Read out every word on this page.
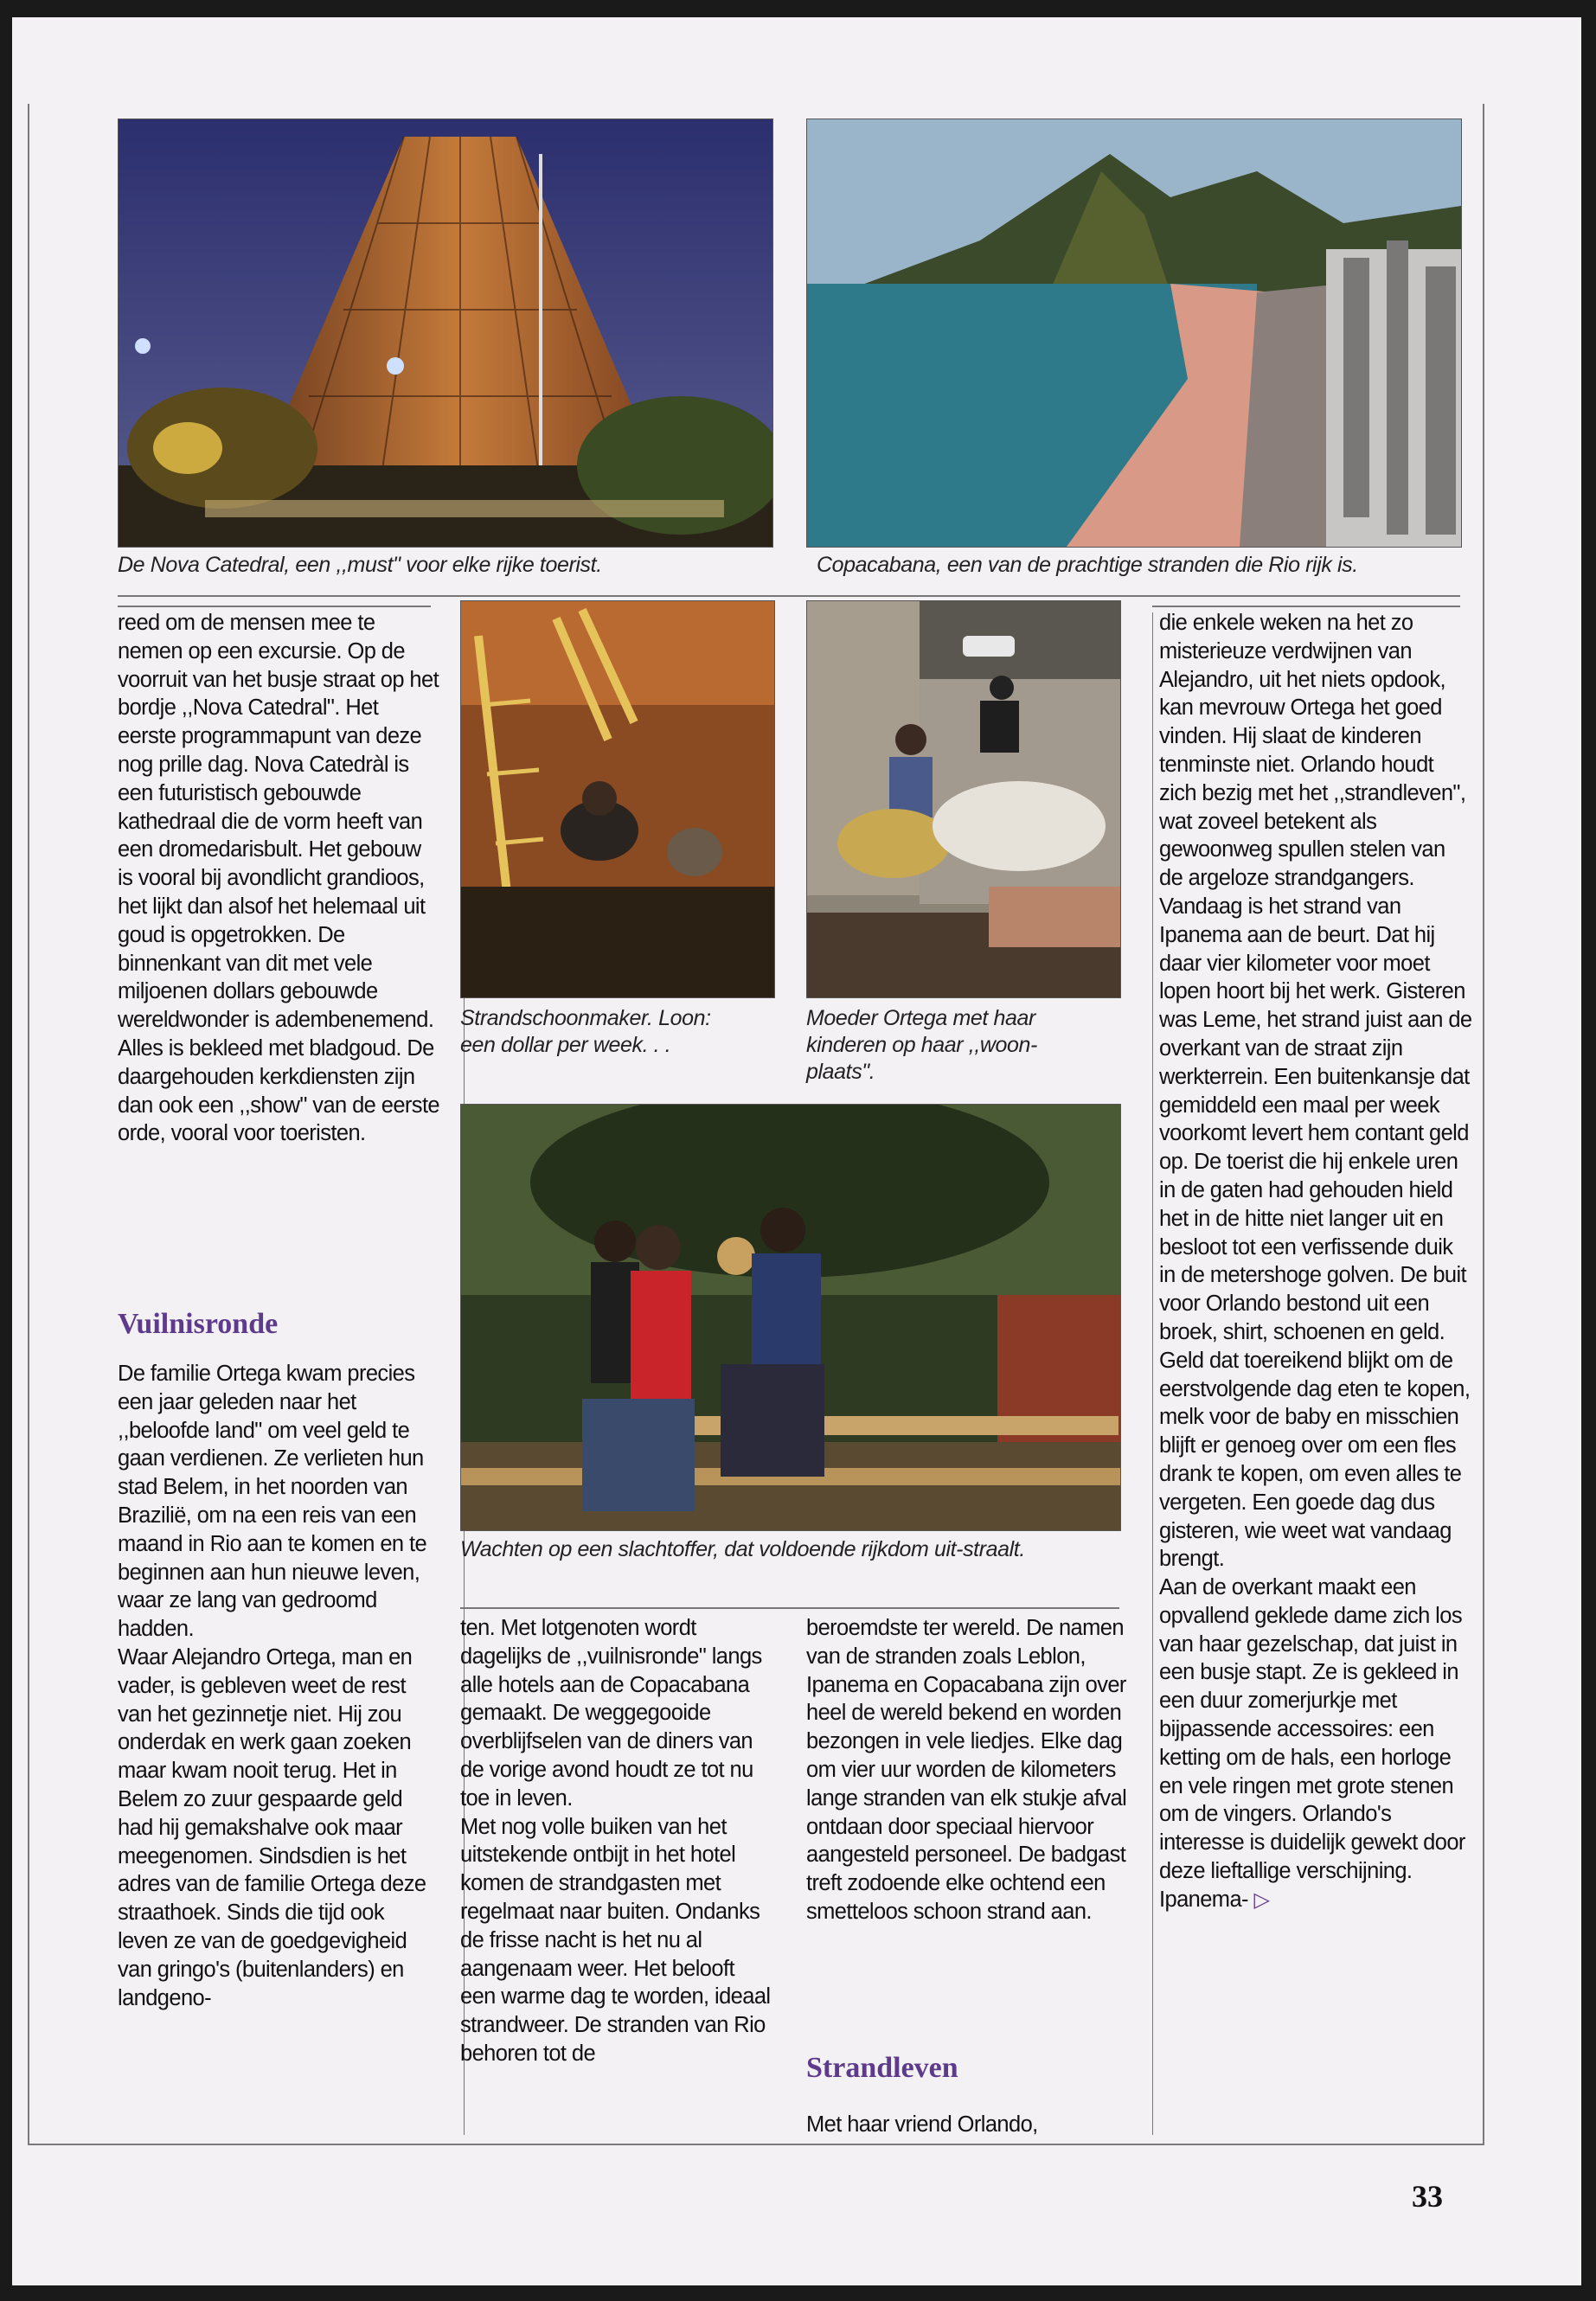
De Nova Catedral, een ,,must" voor elke rijke toerist.	Copacabana, een van de prachtige stranden die Rio rijk is.
Strandschoonmaker. Loon: een dollar per week. . .
Moeder Ortega met haar kinderen op haar ,,woon-plaats".
Wachten op een slachtoffer, dat voldoende rijkdom uit-straalt.

reed om de mensen mee te nemen op een excursie. Op de voorruit van het busje straat op het bordje ,,Nova Catedral". Het eerste programmapunt van deze nog prille dag. Nova Catedràl is een futuristisch gebouwde kathedraal die de vorm heeft van een dromedarisbult. Het gebouw is vooral bij avondlicht grandioos, het lijkt dan alsof het helemaal uit goud is opgetrokken. De binnenkant van dit met vele miljoenen dollars gebouwde wereldwonder is adembenemend. Alles is bekleed met bladgoud. De daargehouden kerkdiensten zijn dan ook een ,,show" van de eerste orde, vooral voor toeristen.

Vuilnisronde

De familie Ortega kwam precies een jaar geleden naar het ,,beloofde land" om veel geld te gaan verdienen. Ze verlieten hun stad Belem, in het noorden van Brazilië, om na een reis van een maand in Rio aan te komen en te beginnen aan hun nieuwe leven, waar ze lang van gedroomd hadden.

Waar Alejandro Ortega, man en vader, is gebleven weet de rest van het gezinnetje niet. Hij zou onderdak en werk gaan zoeken maar kwam nooit terug. Het in Belem zo zuur gespaarde geld had hij gemakshalve ook maar meegenomen. Sindsdien is het adres van de familie Ortega deze straathoek. Sinds die tijd ook leven ze van de goedgevigheid van gringo's (buitenlanders) en landgeno-

ten. Met lotgenoten wordt dagelijks de ,,vuilnisronde" langs alle hotels aan de Copacabana gemaakt. De weggegooide overblijfselen van de diners van de vorige avond houdt ze tot nu toe in leven.

Met nog volle buiken van het uitstekende ontbijt in het hotel komen de strandgasten met regelmaat naar buiten. Ondanks de frisse nacht is het nu al aangenaam weer. Het belooft een warme dag te worden, ideaal strandweer. De stranden van Rio behoren tot de

beroemdste ter wereld. De namen van de stranden zoals Leblon, Ipanema en Copacabana zijn over heel de wereld bekend en worden bezongen in vele liedjes. Elke dag om vier uur worden de kilometers lange stranden van elk stukje afval ontdaan door speciaal hiervoor aangesteld personeel. De badgast treft zodoende elke ochtend een smetteloos schoon strand aan.

Strandleven

Met haar vriend Orlando,

die enkele weken na het zo misterieuze verdwijnen van Alejandro, uit het niets opdook, kan mevrouw Ortega het goed vinden. Hij slaat de kinderen tenminste niet. Orlando houdt zich bezig met het ,,strandleven", wat zoveel betekent als gewoonweg spullen stelen van de argeloze strandgangers. Vandaag is het strand van Ipanema aan de beurt. Dat hij daar vier kilometer voor moet lopen hoort bij het werk. Gisteren was Leme, het strand juist aan de overkant van de straat zijn werkterrein. Een buitenkansje dat gemiddeld een maal per week voorkomt levert hem contant geld op. De toerist die hij enkele uren in de gaten had gehouden hield het in de hitte niet langer uit en besloot tot een verfissende duik in de metershoge golven. De buit voor Orlando bestond uit een broek, shirt, schoenen en geld. Geld dat toereikend blijkt om de eerstvolgende dag eten te kopen, melk voor de baby en misschien blijft er genoeg over om een fles drank te kopen, om even alles te vergeten. Een goede dag dus gisteren, wie weet wat vandaag brengt.

Aan de overkant maakt een opvallend geklede dame zich los van haar gezelschap, dat juist in een busje stapt. Ze is gekleed in een duur zomerjurkje met bijpassende accessoires: een ketting om de hals, een horloge en vele ringen met grote stenen om de vingers. Orlando's interesse is duidelijk gewekt door deze lieftallige verschijning. Ipanema- ▷

33
